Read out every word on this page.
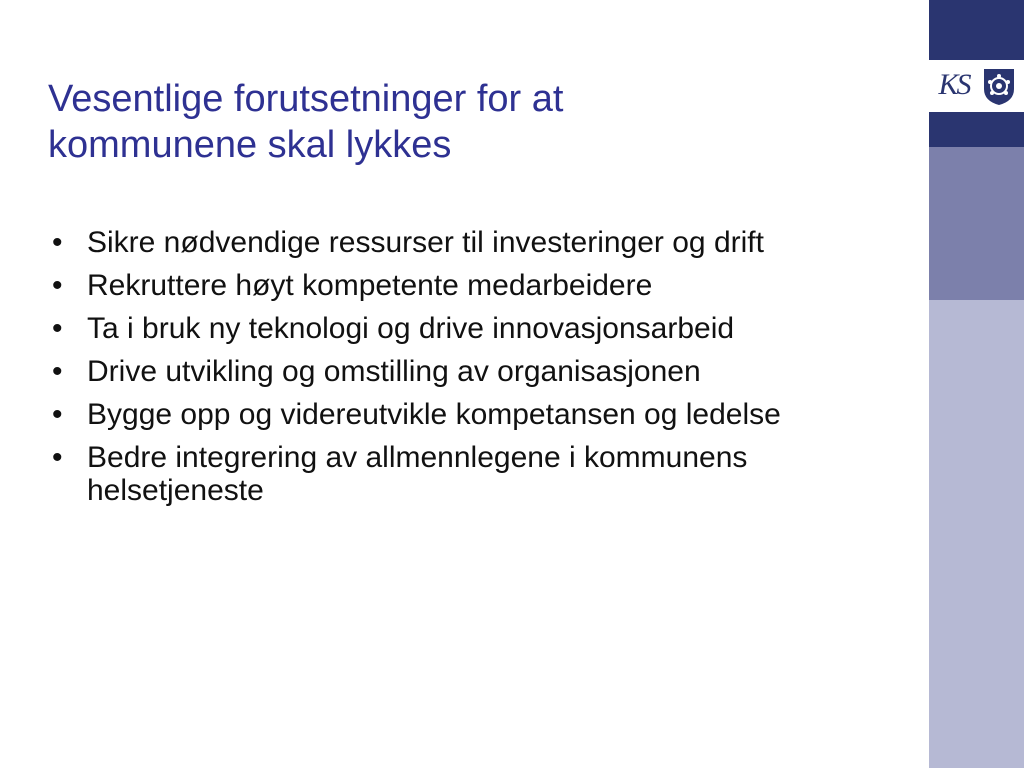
Vesentlige forutsetninger for at
kommunene skal lykkes
• Sikre nødvendige ressurser til investeringer og drift
• Rekruttere høyt kompetente medarbeidere
• Ta i bruk ny teknologi og drive innovasjonsarbeid
• Drive utvikling og omstilling av organisasjonen
• Bygge opp og videreutvikle kompetansen og ledelse
• Bedre integrering av allmennlegene i kommunens helsetjeneste
KS
